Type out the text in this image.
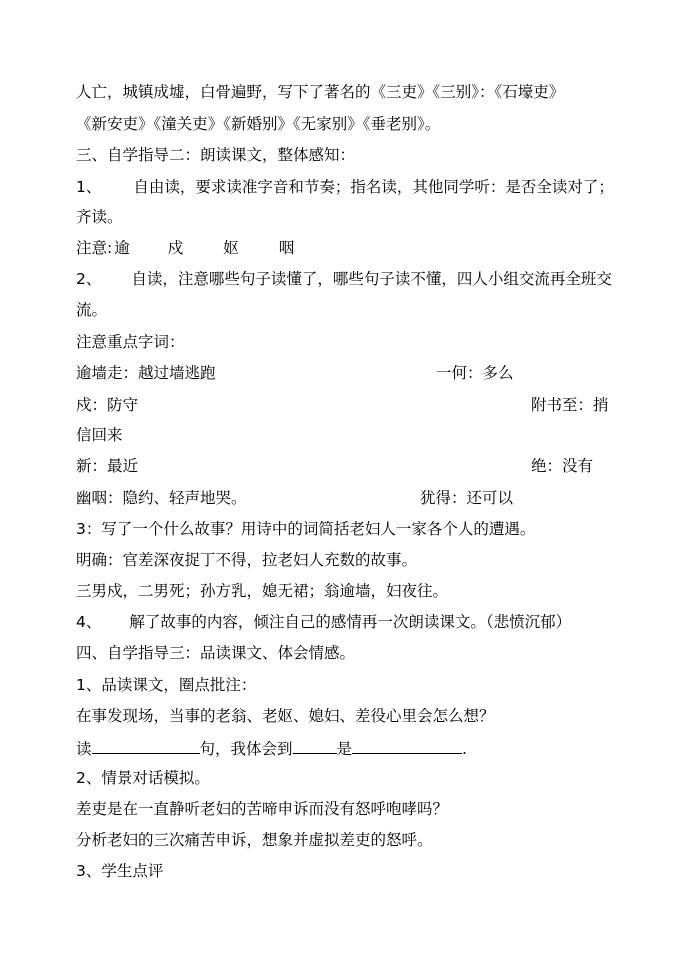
人亡，城镇成墟，白骨遍野，写下了著名的《三吏》《三别》：《石壕吏》
《新安吏》《潼关吏》《新婚别》《无家别》《垂老别》。
三、自学指导二：朗读课文，整体感知：
1、 自由读，要求读准字音和节奏；指名读，其他同学听：是否全读对了；
齐读。
注意: 逾 戍	妪	咽
2、 自读，注意哪些句子读懂了，哪些句子读不懂，四人小组交流再全班交
流。
注意重点字词：
逾墙走：越过墙逃跑	一何：多么
戍：防守	附书至：捎
信回来
新：最近	绝：没有
幽咽：隐约、轻声地哭。	犹得：还可以
3：写了一个什么故事？用诗中的词简括老妇人一家各个人的遭遇。
明确：官差深夜捉丁不得，拉老妇人充数的故事。
三男戍，二男死；孙方乳，媳无裙；翁逾墙，妇夜往。
4、 解了故事的内容，倾注自己的感情再一次朗读课文。（悲愤沉郁）
四、自学指导三：品读课文、体会情感。
1、品读课文，圈点批注：
在事发现场，当事的老翁、老妪、媳妇、差役心里会怎么想？
读	句，我体会到	是	.
2、情景对话模拟。
差吏是在一直静听老妇的苦啼申诉而没有怒呼咆哮吗？
分析老妇的三次痛苦申诉，想象并虚拟差吏的怒呼。
3、学生点评
